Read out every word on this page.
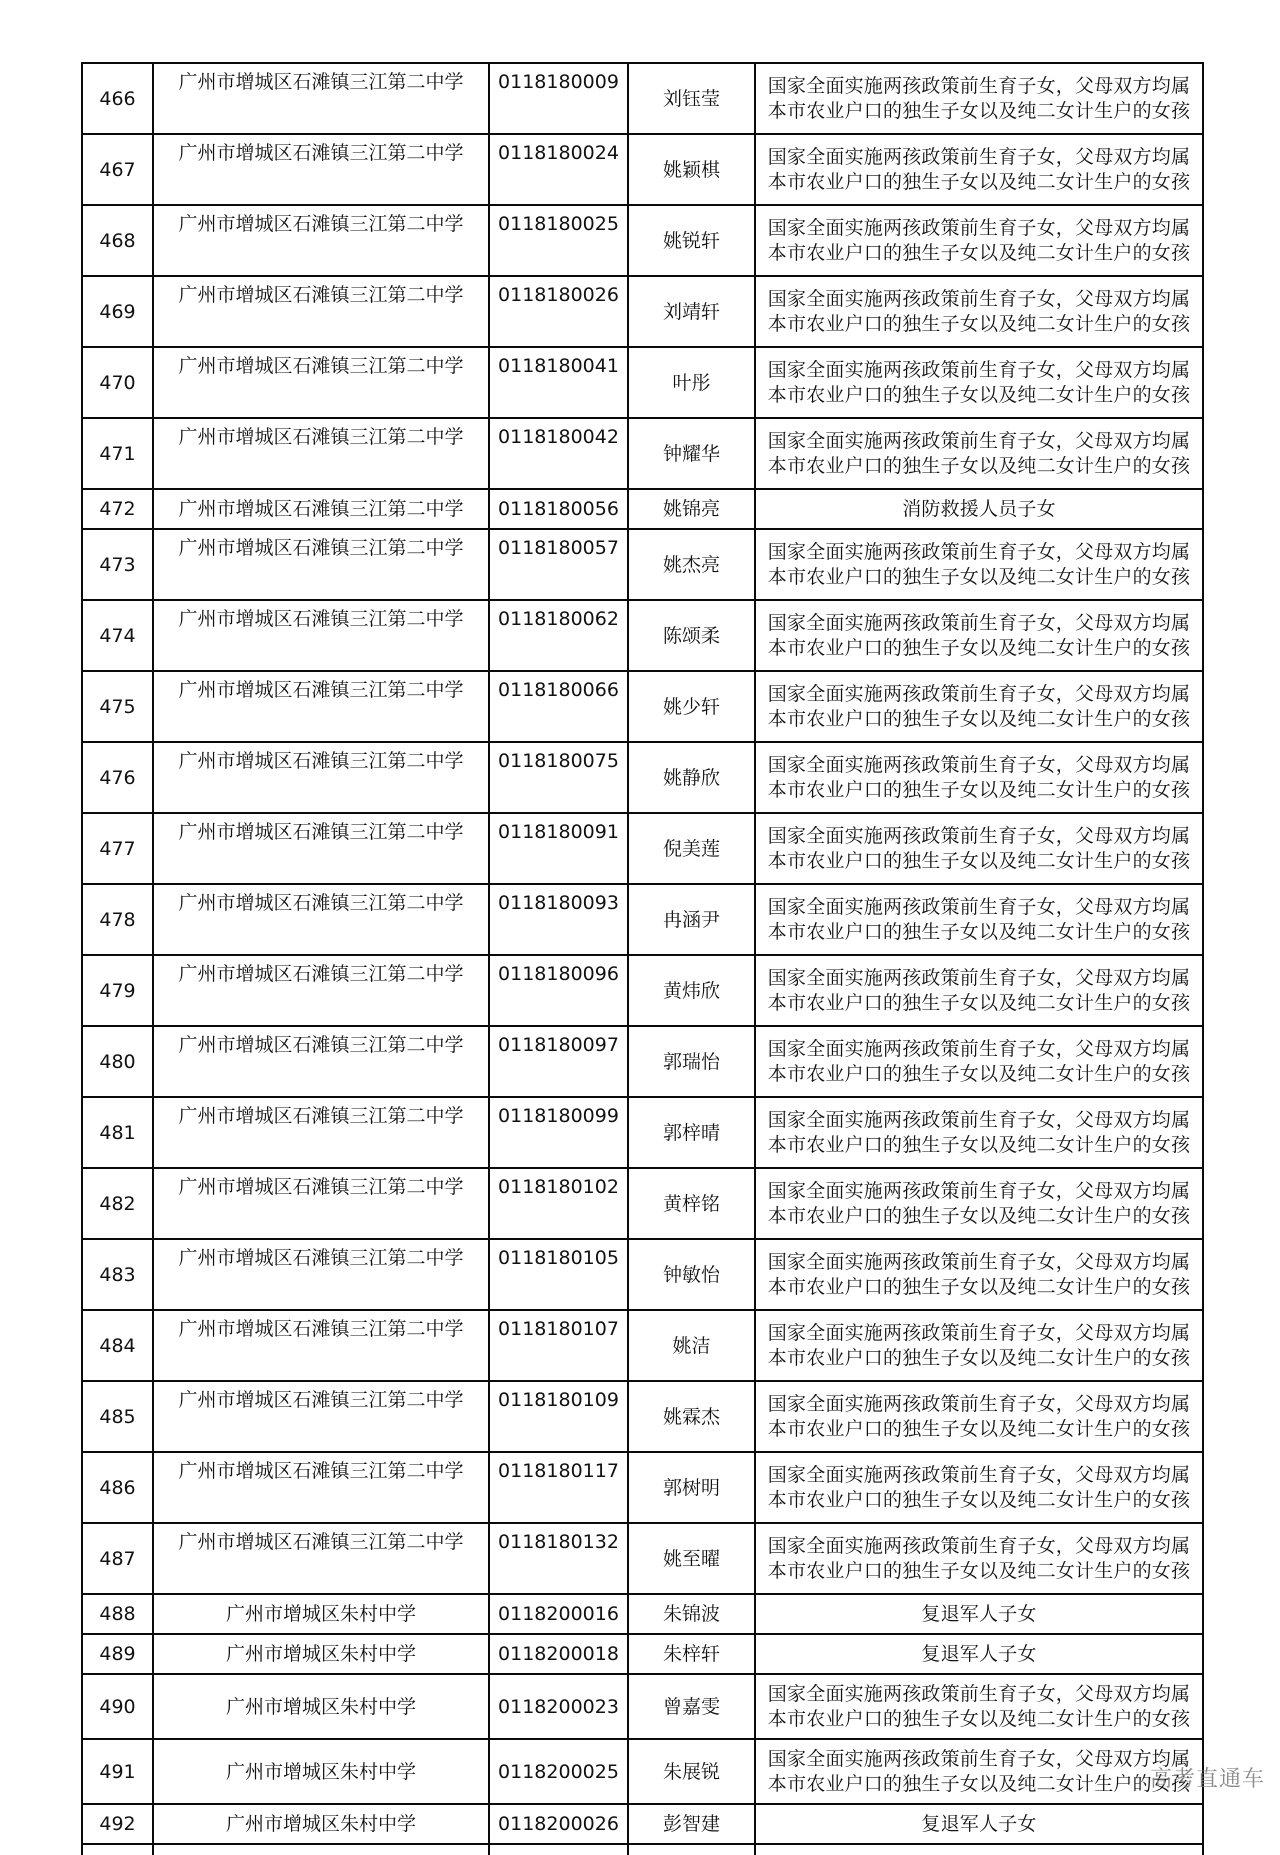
466	广州市增城区石滩镇三江第二中学	0118180009	刘钰莹	国家全面实施两孩政策前生育子女，父母双方均属
本市农业户口的独生子女以及纯二女计生户的女孩

467	广州市增城区石滩镇三江第二中学	0118180024	姚颖棋	国家全面实施两孩政策前生育子女，父母双方均属
本市农业户口的独生子女以及纯二女计生户的女孩

468	广州市增城区石滩镇三江第二中学	0118180025	姚锐轩	国家全面实施两孩政策前生育子女，父母双方均属
本市农业户口的独生子女以及纯二女计生户的女孩

469	广州市增城区石滩镇三江第二中学	0118180026	刘靖轩	国家全面实施两孩政策前生育子女，父母双方均属
本市农业户口的独生子女以及纯二女计生户的女孩

470	广州市增城区石滩镇三江第二中学	0118180041	叶彤	国家全面实施两孩政策前生育子女，父母双方均属
本市农业户口的独生子女以及纯二女计生户的女孩

471	广州市增城区石滩镇三江第二中学	0118180042	钟耀华	国家全面实施两孩政策前生育子女，父母双方均属
本市农业户口的独生子女以及纯二女计生户的女孩

472	广州市增城区石滩镇三江第二中学	0118180056	姚锦亮	消防救援人员子女

473	广州市增城区石滩镇三江第二中学	0118180057	姚杰亮	国家全面实施两孩政策前生育子女，父母双方均属
本市农业户口的独生子女以及纯二女计生户的女孩

474	广州市增城区石滩镇三江第二中学	0118180062	陈颂柔	国家全面实施两孩政策前生育子女，父母双方均属
本市农业户口的独生子女以及纯二女计生户的女孩

475	广州市增城区石滩镇三江第二中学	0118180066	姚少轩	国家全面实施两孩政策前生育子女，父母双方均属
本市农业户口的独生子女以及纯二女计生户的女孩

476	广州市增城区石滩镇三江第二中学	0118180075	姚静欣	国家全面实施两孩政策前生育子女，父母双方均属
本市农业户口的独生子女以及纯二女计生户的女孩

477	广州市增城区石滩镇三江第二中学	0118180091	倪美莲	国家全面实施两孩政策前生育子女，父母双方均属
本市农业户口的独生子女以及纯二女计生户的女孩

478	广州市增城区石滩镇三江第二中学	0118180093	冉涵尹	国家全面实施两孩政策前生育子女，父母双方均属
本市农业户口的独生子女以及纯二女计生户的女孩

479	广州市增城区石滩镇三江第二中学	0118180096	黄炜欣	国家全面实施两孩政策前生育子女，父母双方均属
本市农业户口的独生子女以及纯二女计生户的女孩

480	广州市增城区石滩镇三江第二中学	0118180097	郭瑞怡	国家全面实施两孩政策前生育子女，父母双方均属
本市农业户口的独生子女以及纯二女计生户的女孩

481	广州市增城区石滩镇三江第二中学	0118180099	郭梓晴	国家全面实施两孩政策前生育子女，父母双方均属
本市农业户口的独生子女以及纯二女计生户的女孩

482	广州市增城区石滩镇三江第二中学	0118180102	黄梓铭	国家全面实施两孩政策前生育子女，父母双方均属
本市农业户口的独生子女以及纯二女计生户的女孩

483	广州市增城区石滩镇三江第二中学	0118180105	钟敏怡	国家全面实施两孩政策前生育子女，父母双方均属
本市农业户口的独生子女以及纯二女计生户的女孩

484	广州市增城区石滩镇三江第二中学	0118180107	姚洁	国家全面实施两孩政策前生育子女，父母双方均属
本市农业户口的独生子女以及纯二女计生户的女孩

485	广州市增城区石滩镇三江第二中学	0118180109	姚霖杰	国家全面实施两孩政策前生育子女，父母双方均属
本市农业户口的独生子女以及纯二女计生户的女孩

486	广州市增城区石滩镇三江第二中学	0118180117	郭树明	国家全面实施两孩政策前生育子女，父母双方均属
本市农业户口的独生子女以及纯二女计生户的女孩

487	广州市增城区石滩镇三江第二中学	0118180132	姚至曜	国家全面实施两孩政策前生育子女，父母双方均属
本市农业户口的独生子女以及纯二女计生户的女孩

488	广州市增城区朱村中学	0118200016	朱锦波	复退军人子女

489	广州市增城区朱村中学	0118200018	朱梓轩	复退军人子女

490	广州市增城区朱村中学	0118200023	曾嘉雯	国家全面实施两孩政策前生育子女，父母双方均属
本市农业户口的独生子女以及纯二女计生户的女孩

491	广州市增城区朱村中学	0118200025	朱展锐	国家全面实施两孩政策前生育子女，父母双方均属
本市农业户口的独生子女以及纯二女计生户的女孩

492	广州市增城区朱村中学	0118200026	彭智建	复退军人子女

高考直通车
